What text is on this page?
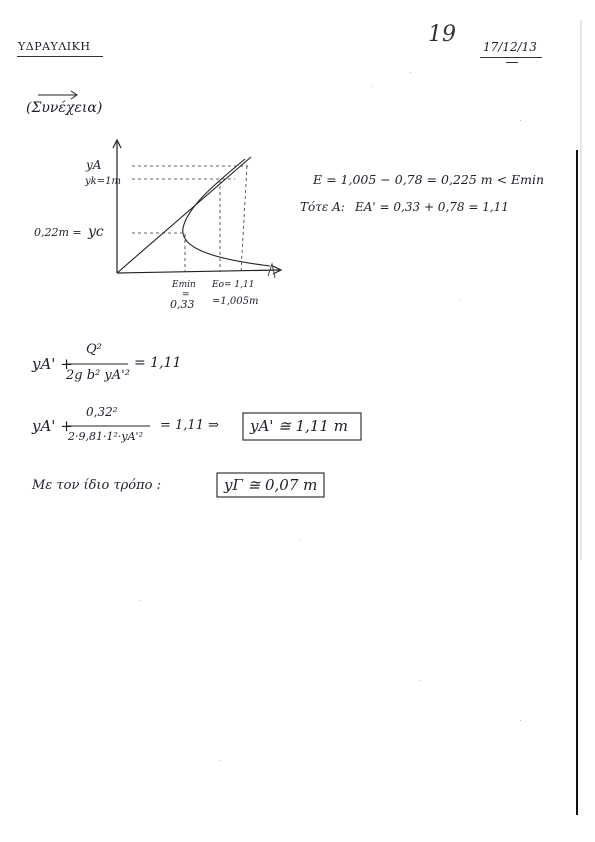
ΥΔΡΑΥΛΙΚΗ	19 17/12/13
(Συνέχεια)
yA
yk=1m
0,22m = yc
Emin
=
0,33
Eo= 1,11
=1,005m
E = 1,005 − 0,78 = 0,225 m < Emin
Τότε A: EA' = 0,33 + 0,78 = 1,11
yA' +
Q²
2g b² yA'²
= 1,11
yA' +
0,32²
2·9,81·1²·yA'²
= 1,11 ⇒ yA' ≅ 1,11 m
Με τον ίδιο τρόπο :	yΓ ≅ 0,07 m
